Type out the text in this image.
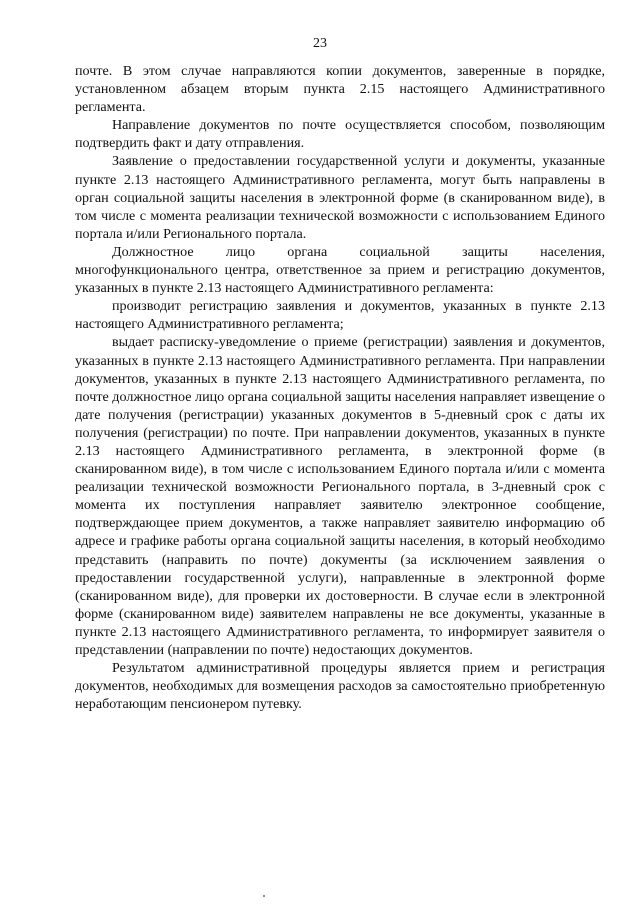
23

почте. В этом случае направляются копии документов, заверенные в порядке, установленном абзацем вторым пункта 2.15 настоящего Административного регламента.

Направление документов по почте осуществляется способом, позволяющим подтвердить факт и дату отправления.

Заявление о предоставлении государственной услуги и документы, указанные пункте 2.13 настоящего Административного регламента, могут быть направлены в орган социальной защиты населения в электронной форме (в сканированном виде), в том числе с момента реализации технической возможности с использованием Единого портала и/или Регионального портала.

Должностное лицо органа социальной защиты населения, многофункционального центра, ответственное за прием и регистрацию документов, указанных в пункте 2.13 настоящего Административного регламента:

производит регистрацию заявления и документов, указанных в пункте 2.13 настоящего Административного регламента;

выдает расписку-уведомление о приеме (регистрации) заявления и документов, указанных в пункте 2.13 настоящего Административного регламента. При направлении документов, указанных в пункте 2.13 настоящего Административного регламента, по почте должностное лицо органа социальной защиты населения направляет извещение о дате получения (регистрации) указанных документов в 5-дневный срок с даты их получения (регистрации) по почте. При направлении документов, указанных в пункте 2.13 настоящего Административного регламента, в электронной форме (в сканированном виде), в том числе с использованием Единого портала и/или с момента реализации технической возможности Регионального портала, в 3-дневный срок с момента их поступления направляет заявителю электронное сообщение, подтверждающее прием документов, а также направляет заявителю информацию об адресе и графике работы органа социальной защиты населения, в который необходимо представить (направить по почте) документы (за исключением заявления о предоставлении государственной услуги), направленные в электронной форме (сканированном виде), для проверки их достоверности. В случае если в электронной форме (сканированном виде) заявителем направлены не все документы, указанные в пункте 2.13 настоящего Административного регламента, то информирует заявителя о представлении (направлении по почте) недостающих документов.

Результатом административной процедуры является прием и регистрация документов, необходимых для возмещения расходов за самостоятельно приобретенную неработающим пенсионером путевку.
